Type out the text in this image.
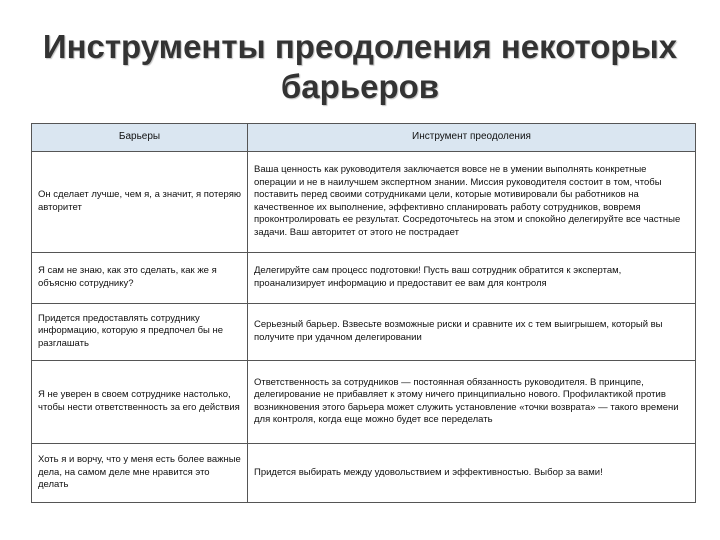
Инструменты преодоления некоторых
барьеров
Барьеры	Инструмент преодоления
Он сделает лучше, чем я, а значит, я потеряю авторитет	Ваша ценность как руководителя заключается вовсе не в умении выполнять конкретные операции и не в наилучшем экспертном знании. Миссия руководителя состоит в том, чтобы поставить перед своими сотрудниками цели, которые мотивировали бы работников на качественное их выполнение, эффективно спланировать работу сотрудников, вовремя проконтролировать ее результат. Сосредоточьтесь на этом и спокойно делегируйте все частные задачи. Ваш авторитет от этого не пострадает
Я сам не знаю, как это сделать, как же я объясню сотруднику?	Делегируйте сам процесс подготовки! Пусть ваш сотрудник обратится к экспертам, проанализирует информацию и предоставит ее вам для контроля
Придется предоставлять сотруднику информацию, которую я предпочел бы не разглашать	Серьезный барьер. Взвесьте возможные риски и сравните их с тем выигрышем, который вы получите при удачном делегировании
Я не уверен в своем сотруднике настолько, чтобы нести ответственность за его действия	Ответственность за сотрудников — постоянная обязанность руководителя. В принципе, делегирование не прибавляет к этому ничего принципиально нового. Профилактикой против возникновения этого барьера может служить установление «точки возврата» — такого времени для контроля, когда еще можно будет все переделать
Хоть я и ворчу, что у меня есть более важные дела, на самом деле мне нравится это делать	Придется выбирать между удовольствием и эффективностью. Выбор за вами!
